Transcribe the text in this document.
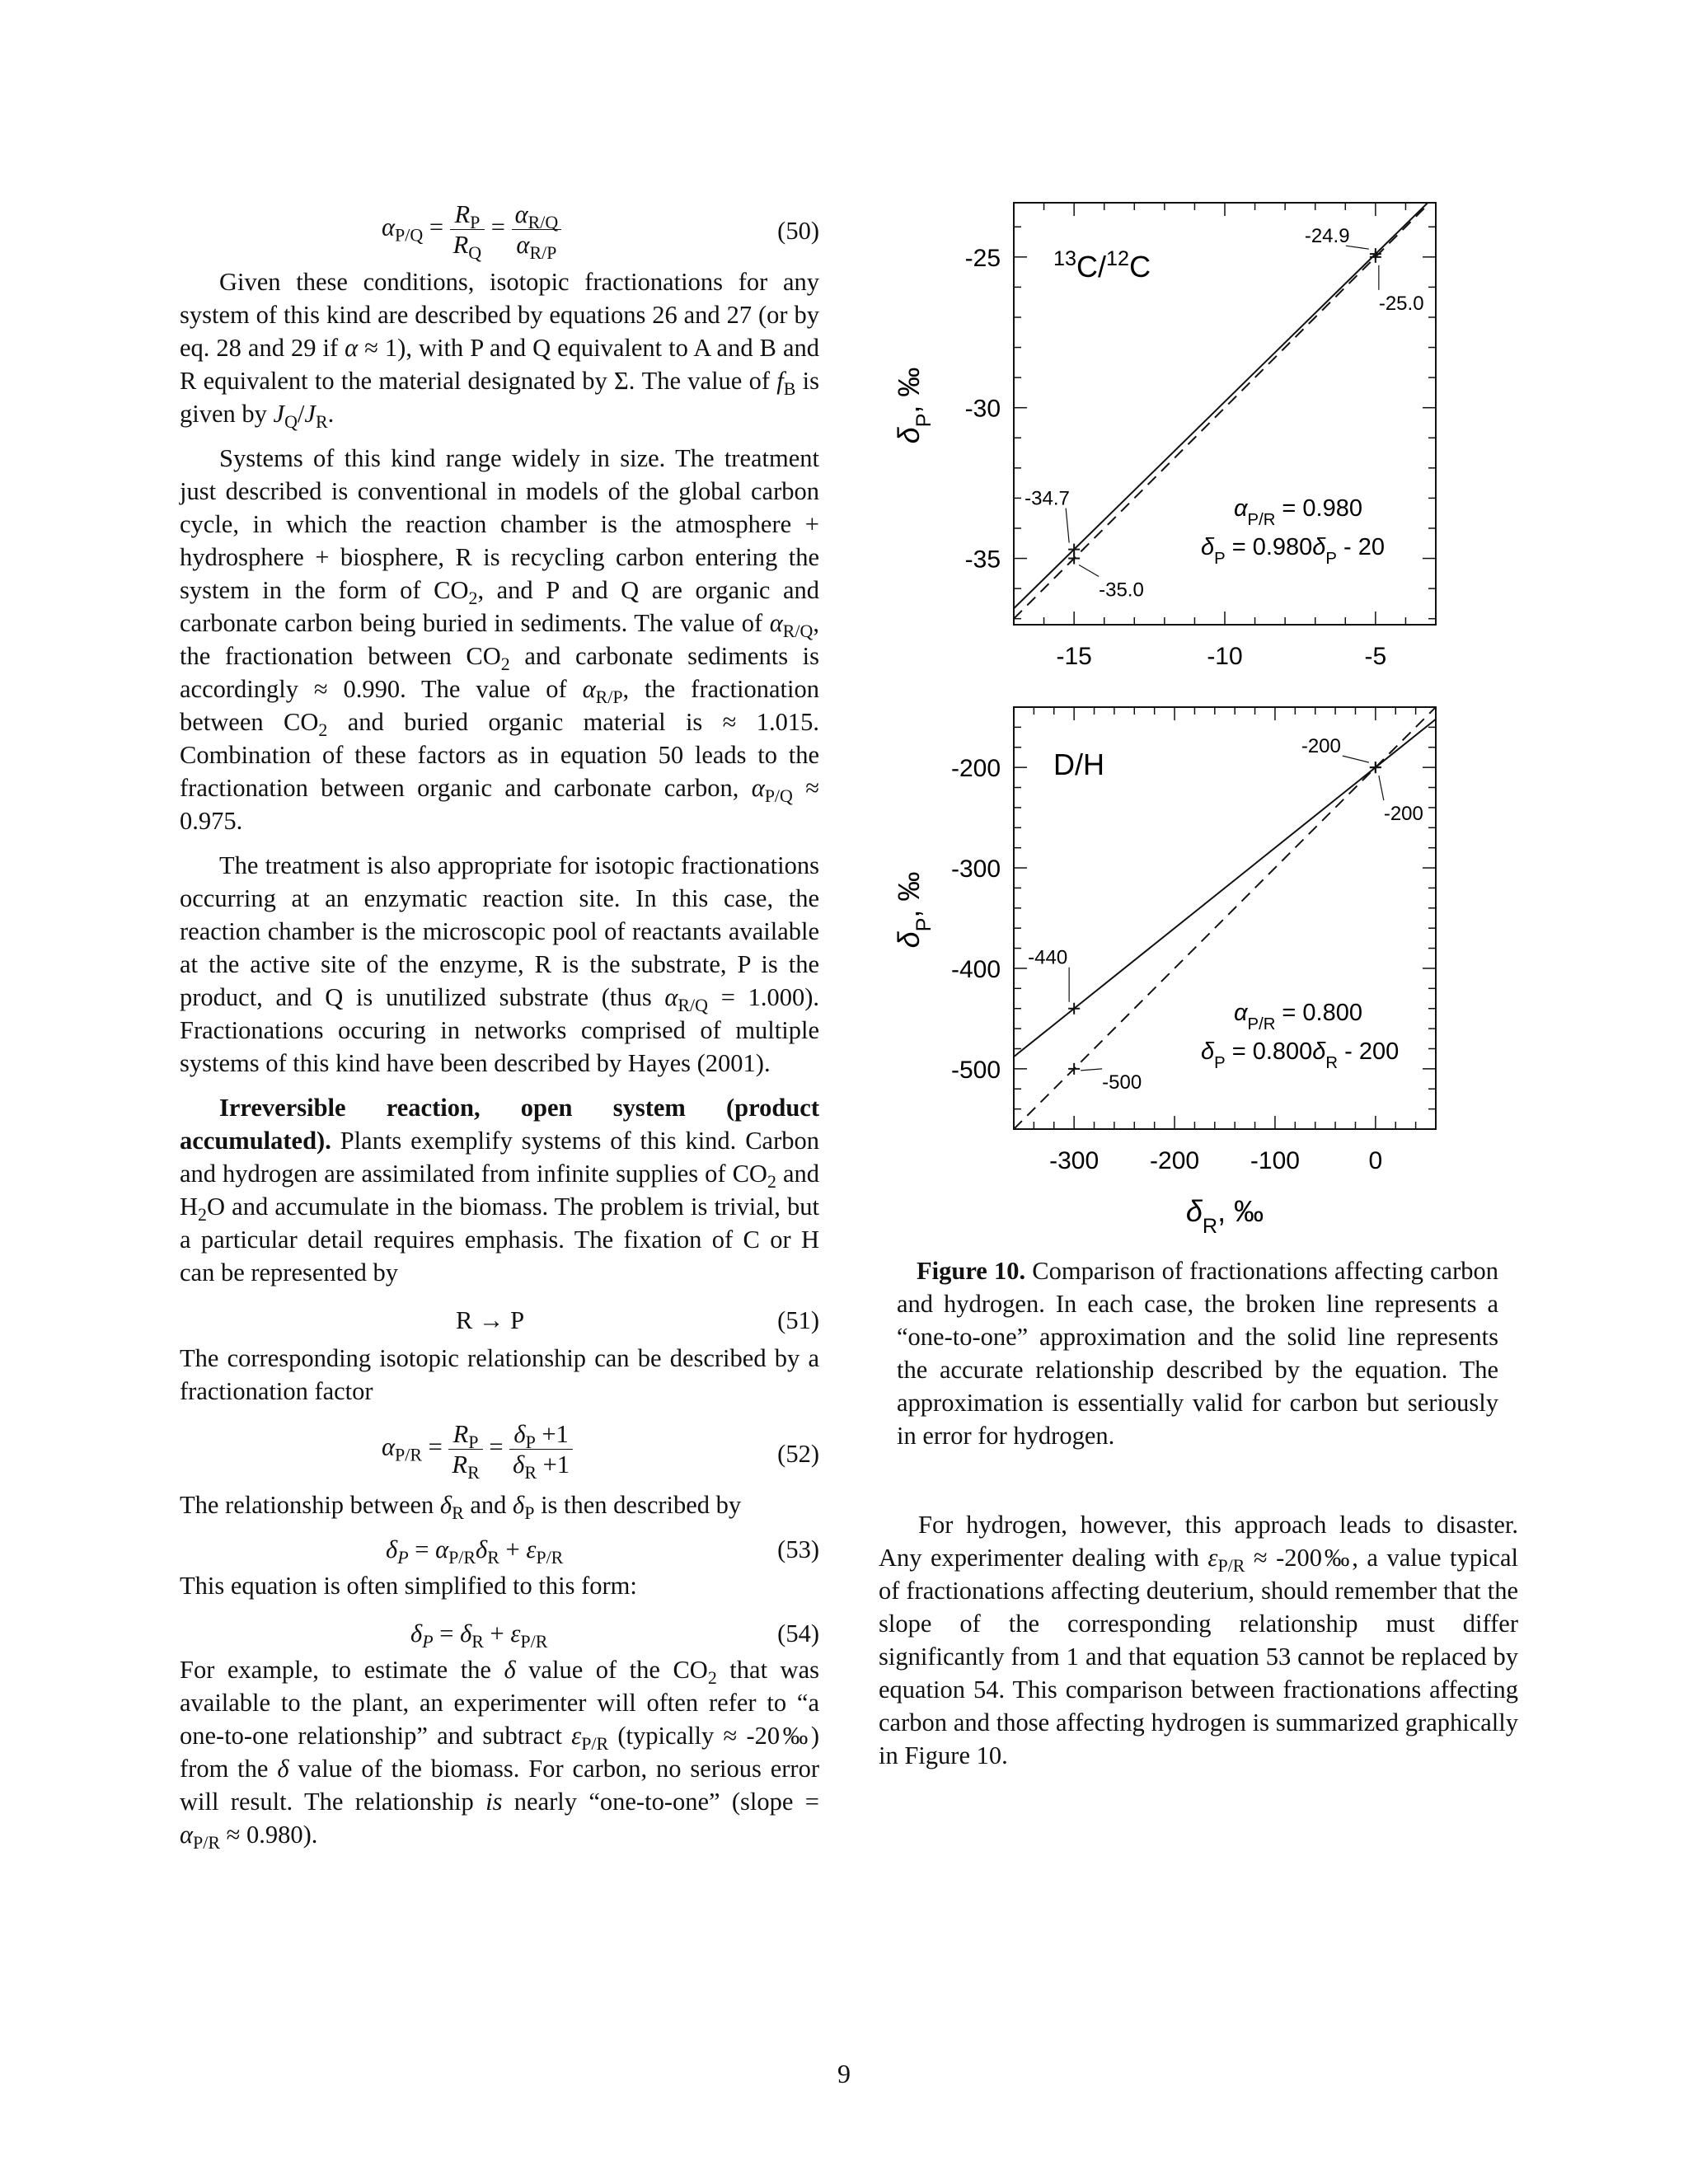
$\alpha_{P/Q} = \frac{R_P}{R_Q} = \frac{\alpha_{R/Q}}{\alpha_{R/P}}$	(50)

Given these conditions, isotopic fractionations for any system of this kind are described by equations 26 and 27 (or by eq. 28 and 29 if α ≈ 1), with P and Q equivalent to A and B and R equivalent to the material designated by Σ. The value of $f_B$ is given by $J_Q/J_R$.

Systems of this kind range widely in size. The treatment just described is conventional in models of the global carbon cycle, in which the reaction chamber is the atmosphere + hydrosphere + biosphere, R is recycling carbon entering the system in the form of $CO_2$, and P and Q are organic and carbonate carbon being buried in sediments. The value of $\alpha_{R/Q}$, the fractionation between $CO_2$ and carbonate sediments is accordingly ≈ 0.990. The value of $\alpha_{R/P}$, the fractionation between $CO_2$ and buried organic material is ≈ 1.015. Combination of these factors as in equation 50 leads to the fractionation between organic and carbonate carbon, $\alpha_{P/Q} \approx 0.975$.

The treatment is also appropriate for isotopic fractionations occurring at an enzymatic reaction site. In this case, the reaction chamber is the microscopic pool of reactants available at the active site of the enzyme, R is the substrate, P is the product, and Q is unutilized substrate (thus $\alpha_{R/Q} = 1.000$). Fractionations occuring in networks comprised of multiple systems of this kind have been described by Hayes (2001).

Irreversible reaction, open system (product accumulated). Plants exemplify systems of this kind. Carbon and hydrogen are assimilated from infinite supplies of $CO_2$ and $H_2O$ and accumulate in the biomass. The problem is trivial, but a particular detail requires emphasis. The fixation of C or H can be represented by

R → P	(51)

The corresponding isotopic relationship can be described by a fractionation factor

$\alpha_{P/R} = \frac{R_P}{R_R} = \frac{\delta_P +1}{\delta_R +1}$	(52)

The relationship between $\delta_R$ and $\delta_P$ is then described by

$\delta_P = \alpha_{P/R}\delta_R + \varepsilon_{P/R}$	(53)

This equation is often simplified to this form:

$\delta_P = \delta_R + \varepsilon_{P/R}$	(54)

For example, to estimate the δ value of the $CO_2$ that was available to the plant, an experimenter will often refer to “a one-to-one relationship” and subtract $\varepsilon_{P/R}$ (typically ≈ -20‰) from the δ value of the biomass. For carbon, no serious error will result. The relationship is nearly “one-to-one” (slope = $\alpha_{P/R} \approx 0.980$).

-15	-10	-5
-25
-30
-35
-24.9
-25.0
-34.7
-35.0
$^{13}$C/$^{12}$C
$\alpha_{P/R} = 0.980$
$\delta_P = 0.980\delta_P - 20$
$\delta_P$, ‰
-300 -200 -100	0
-200
-300
-400
-500
-200
-200
-440
-500
D/H
$\alpha_{P/R} = 0.800$
$\delta_P = 0.800\delta_R - 200$
$\delta_P$, ‰
$\delta_R$, ‰
Figure 10. Comparison of fractionations affecting carbon and hydrogen. In each case, the broken line represents a “one-to-one” approximation and the solid line represents the accurate relationship described by the equation. The approximation is essentially valid for carbon but seriously in error for hydrogen.

For hydrogen, however, this approach leads to disaster. Any experimenter dealing with $\varepsilon_{P/R}$ ≈ -200‰, a value typical of fractionations affecting deuterium, should remember that the slope of the corresponding relationship must differ significantly from 1 and that equation 53 cannot be replaced by equation 54. This comparison between fractionations affecting carbon and those affecting hydrogen is summarized graphically in Figure 10.

9
